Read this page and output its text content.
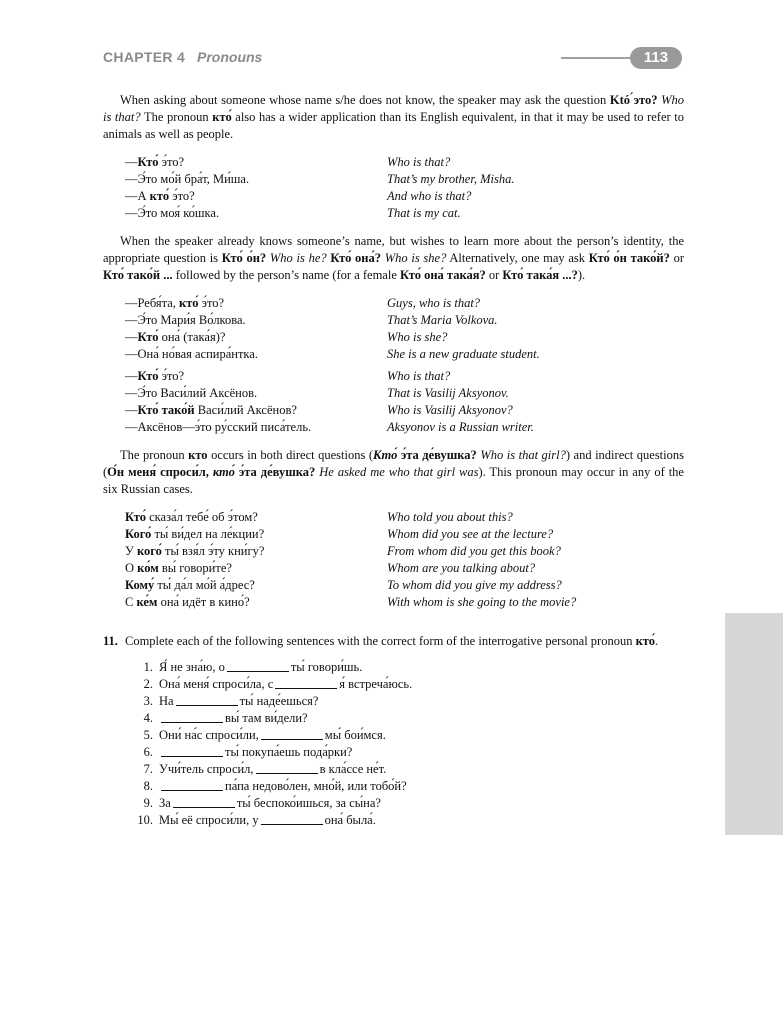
CHAPTER 4 Pronouns	113

When asking about someone whose name s/he does not know, the speaker may ask the question Któ ́это? Who is that? The pronoun кто́ also has a wider application than its English equivalent, in that it may be used to refer to animals as well as people.

—Кто́ э́то?	Who is that?
—Э́то мо́й бра́т, Ми́ша.	That’s my brother, Misha.
—А кто́ э́то?	And who is that?
—Э́то моя́ ко́шка.	That is my cat.

When the speaker already knows someone’s name, but wishes to learn more about the person’s identity, the appropriate question is Кто́ о́н? Who is he? Кто́ она́? Who is she? Alternatively, one may ask Кто́ о́н тако́й? or Кто́ тако́й ... followed by the person’s name (for a female Кто́ она́ така́я? or Кто́ така́я ...?).

—Ребя́та, кто́ э́то?	Guys, who is that?
—Э́то Мари́я Во́лкова.	That’s Maria Volkova.
—Кто́ она́ (така́я)?	Who is she?
—Она́ но́вая аспира́нтка.	She is a new graduate student.
—Кто́ э́то?	Who is that?
—Э́то Васи́лий Аксёнов.	That is Vasilij Aksyonov.
—Кто́ тако́й Васи́лий Аксёнов?	Who is Vasilij Aksyonov?
—Аксёнов—э́то ру́сский писа́тель.	Aksyonov is a Russian writer.

The pronoun кто occurs in both direct questions (Кто́ э́та де́вушка? Who is that girl?) and indirect questions (О́н меня́ спроси́л, кто́ э́та де́вушка? He asked me who that girl was). This pronoun may occur in any of the six Russian cases.

Кто́ сказа́л тебе́ об э́том?	Who told you about this?
Кого́ ты́ ви́дел на ле́кции?	Whom did you see at the lecture?
У кого́ ты́ взя́л э́ту кни́гу?	From whom did you get this book?
О ко́м вы́ говори́те?	Whom are you talking about?
Кому́ ты́ да́л мо́й а́дрес?	To whom did you give my address?
С ке́м она́ идёт в кино́?	With whom is she going to the movie?
11. Complete each of the following sentences with the correct form of the interrogative personal pronoun кто́.
1. Я́ не зна́ю, о	ты́ говори́шь.
2. Она́ меня́ спроси́ла, с	я́ встреча́юсь.
3. На	ты́ наде́ешься?
4.	вы́ там ви́дели?
5. Они́ на́с спроси́ли,	мы́ бои́мся.
6.	ты́ покупа́ешь пода́рки?
7. Учи́тель спроси́л,	в кла́ссе не́т.
8.	па́па недово́лен, мно́й, или тобо́й?
9. За	ты́ беспоко́ишься, за сы́на?
10. Мы́ её спроси́ли, у	она́ была́.
